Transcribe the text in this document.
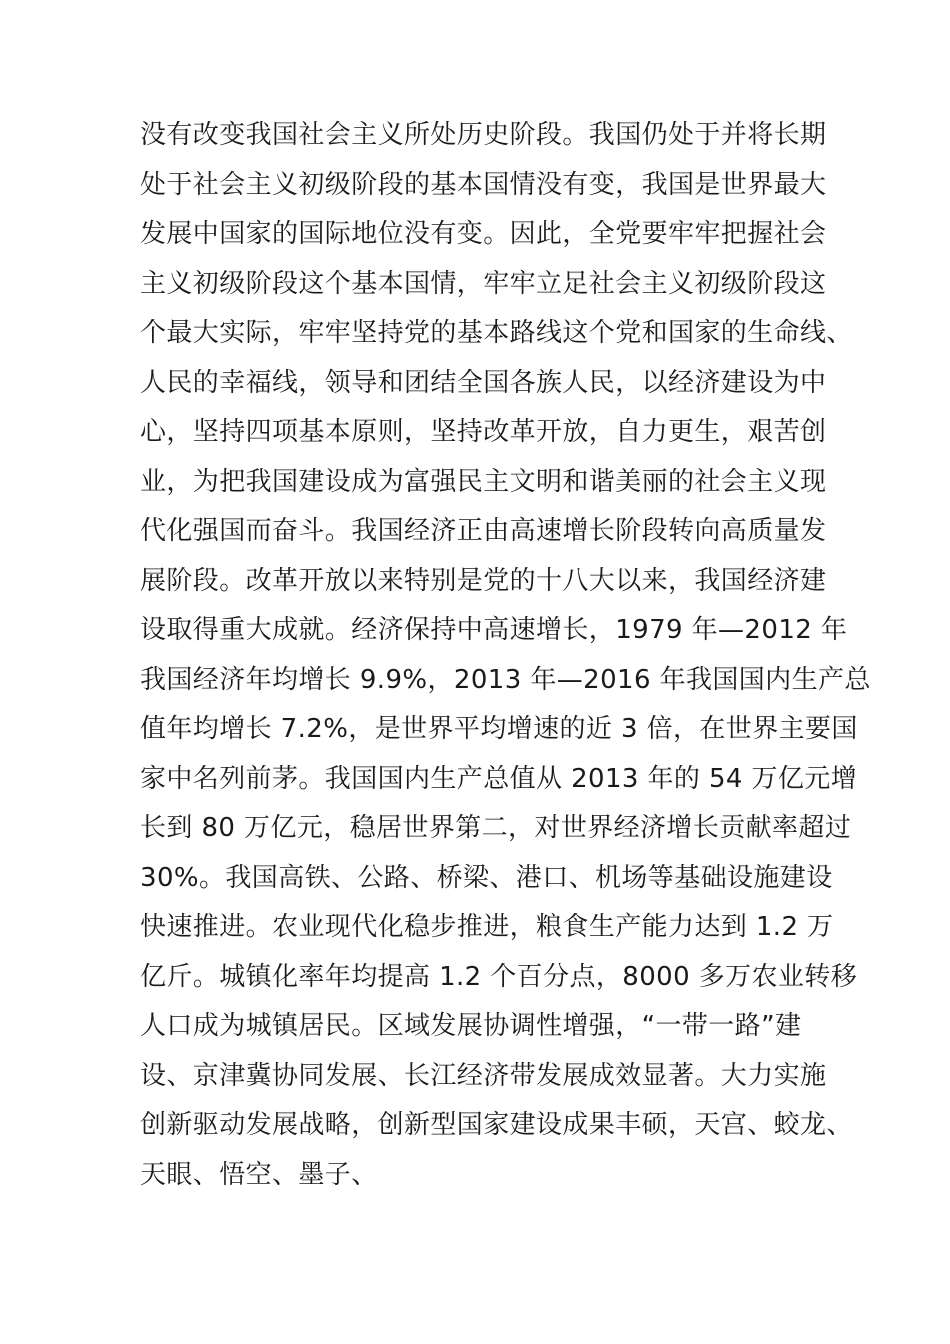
没有改变我国社会主义所处历史阶段。我国仍处于并将长期
处于社会主义初级阶段的基本国情没有变，我国是世界最大
发展中国家的国际地位没有变。因此，全党要牢牢把握社会
主义初级阶段这个基本国情，牢牢立足社会主义初级阶段这
个最大实际，牢牢坚持党的基本路线这个党和国家的生命线、
人民的幸福线，领导和团结全国各族人民，以经济建设为中
心，坚持四项基本原则，坚持改革开放，自力更生，艰苦创
业，为把我国建设成为富强民主文明和谐美丽的社会主义现
代化强国而奋斗。我国经济正由高速增长阶段转向高质量发
展阶段。改革开放以来特别是党的十八大以来，我国经济建
设取得重大成就。经济保持中高速增长，1979 年—2012 年
我国经济年均增长 9.9%，2013 年—2016 年我国国内生产总
值年均增长 7.2%，是世界平均增速的近 3 倍，在世界主要国
家中名列前茅。我国国内生产总值从 2013 年的 54 万亿元增
长到 80 万亿元，稳居世界第二，对世界经济增长贡献率超过
30%。我国高铁、公路、桥梁、港口、机场等基础设施建设
快速推进。农业现代化稳步推进，粮食生产能力达到 1.2 万
亿斤。城镇化率年均提高 1.2 个百分点，8000 多万农业转移
人口成为城镇居民。区域发展协调性增强，“一带一路”建
设、京津冀协同发展、长江经济带发展成效显著。大力实施
创新驱动发展战略，创新型国家建设成果丰硕，天宫、蛟龙、
天眼、悟空、墨子、
